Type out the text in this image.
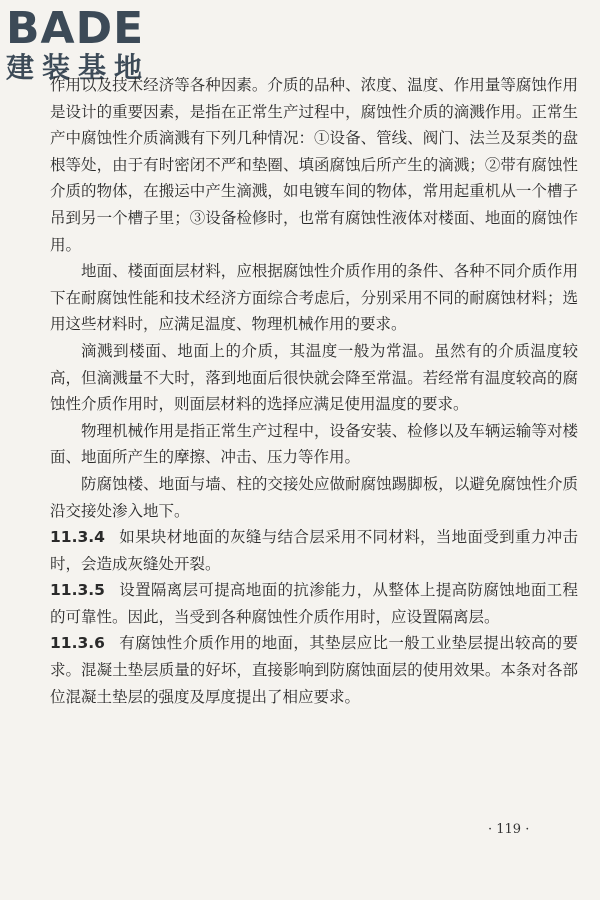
BADE
建装基地

作用以及技术经济等各种因素。介质的品种、浓度、温度、作用量等腐蚀作用是设计的重要因素，是指在正常生产过程中，腐蚀性介质的滴溅作用。正常生产中腐蚀性介质滴溅有下列几种情况：①设备、管线、阀门、法兰及泵类的盘根等处，由于有时密闭不严和垫圈、填函腐蚀后所产生的滴溅；②带有腐蚀性介质的物体，在搬运中产生滴溅，如电镀车间的物体，常用起重机从一个槽子吊到另一个槽子里；③设备检修时，也常有腐蚀性液体对楼面、地面的腐蚀作用。

地面、楼面面层材料，应根据腐蚀性介质作用的条件、各种不同介质作用下在耐腐蚀性能和技术经济方面综合考虑后，分别采用不同的耐腐蚀材料；选用这些材料时，应满足温度、物理机械作用的要求。

滴溅到楼面、地面上的介质，其温度一般为常温。虽然有的介质温度较高，但滴溅量不大时，落到地面后很快就会降至常温。若经常有温度较高的腐蚀性介质作用时，则面层材料的选择应满足使用温度的要求。

物理机械作用是指正常生产过程中，设备安装、检修以及车辆运输等对楼面、地面所产生的摩擦、冲击、压力等作用。

防腐蚀楼、地面与墙、柱的交接处应做耐腐蚀踢脚板，以避免腐蚀性介质沿交接处渗入地下。

11.3.4 如果块材地面的灰缝与结合层采用不同材料，当地面受到重力冲击时，会造成灰缝处开裂。

11.3.5 设置隔离层可提高地面的抗渗能力，从整体上提高防腐蚀地面工程的可靠性。因此，当受到各种腐蚀性介质作用时，应设置隔离层。

11.3.6 有腐蚀性介质作用的地面，其垫层应比一般工业垫层提出较高的要求。混凝土垫层质量的好坏，直接影响到防腐蚀面层的使用效果。本条对各部位混凝土垫层的强度及厚度提出了相应要求。

· 119 ·
